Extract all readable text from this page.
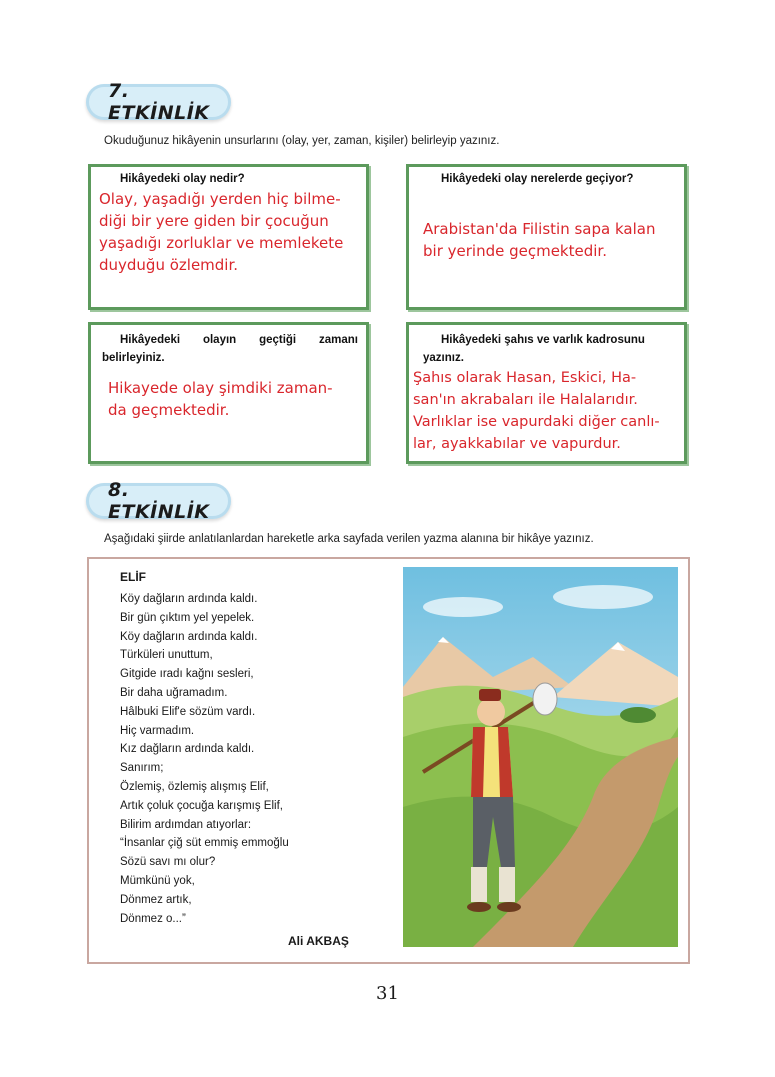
7. ETKİNLİK
Okuduğunuz hikâyenin unsurlarını (olay, yer, zaman, kişiler) belirleyip yazınız.
Hikâyedeki olay nedir?
Olay, yaşadığı yerden hiç bilme-
diği bir yere giden bir çocuğun
yaşadığı zorluklar ve memlekete
duyduğu özlemdir.
Hikâyedeki olay nerelerde geçiyor?
Arabistan'da Filistin sapa kalan
bir yerinde geçmektedir.
Hikâyedeki olayın geçtiği zamanı
belirleyiniz.
Hikayede olay şimdiki zaman-
da geçmektedir.
Hikâyedeki şahıs ve varlık kadrosunu
yazınız.
Şahıs olarak Hasan, Eskici, Ha-
san'ın akrabaları ile Halalarıdır.
Varlıklar ise vapurdaki diğer canlı-
lar, ayakkabılar ve vapurdur.
8. ETKİNLİK
Aşağıdaki şiirde anlatılanlardan hareketle arka sayfada verilen yazma alanına bir hikâye yazınız.
ELİF
Köy dağların ardında kaldı.
Bir gün çıktım yel yepelek.
Köy dağların ardında kaldı.
Türküleri unuttum,
Gitgide ıradı kağnı sesleri,
Bir daha uğramadım.
Hâlbuki Elif'e sözüm vardı.
Hiç varmadım.
Kız dağların ardında kaldı.
Sanırım;
Özlemiş, özlemiş alışmış Elif,
Artık çoluk çocuğa karışmış Elif,
Bilirim ardımdan atıyorlar:
“İnsanlar çiğ süt emmiş emmoğlu
Sözü savı mı olur?
Mümkünü yok,
Dönmez artık,
Dönmez o...”
Ali AKBAŞ
31
